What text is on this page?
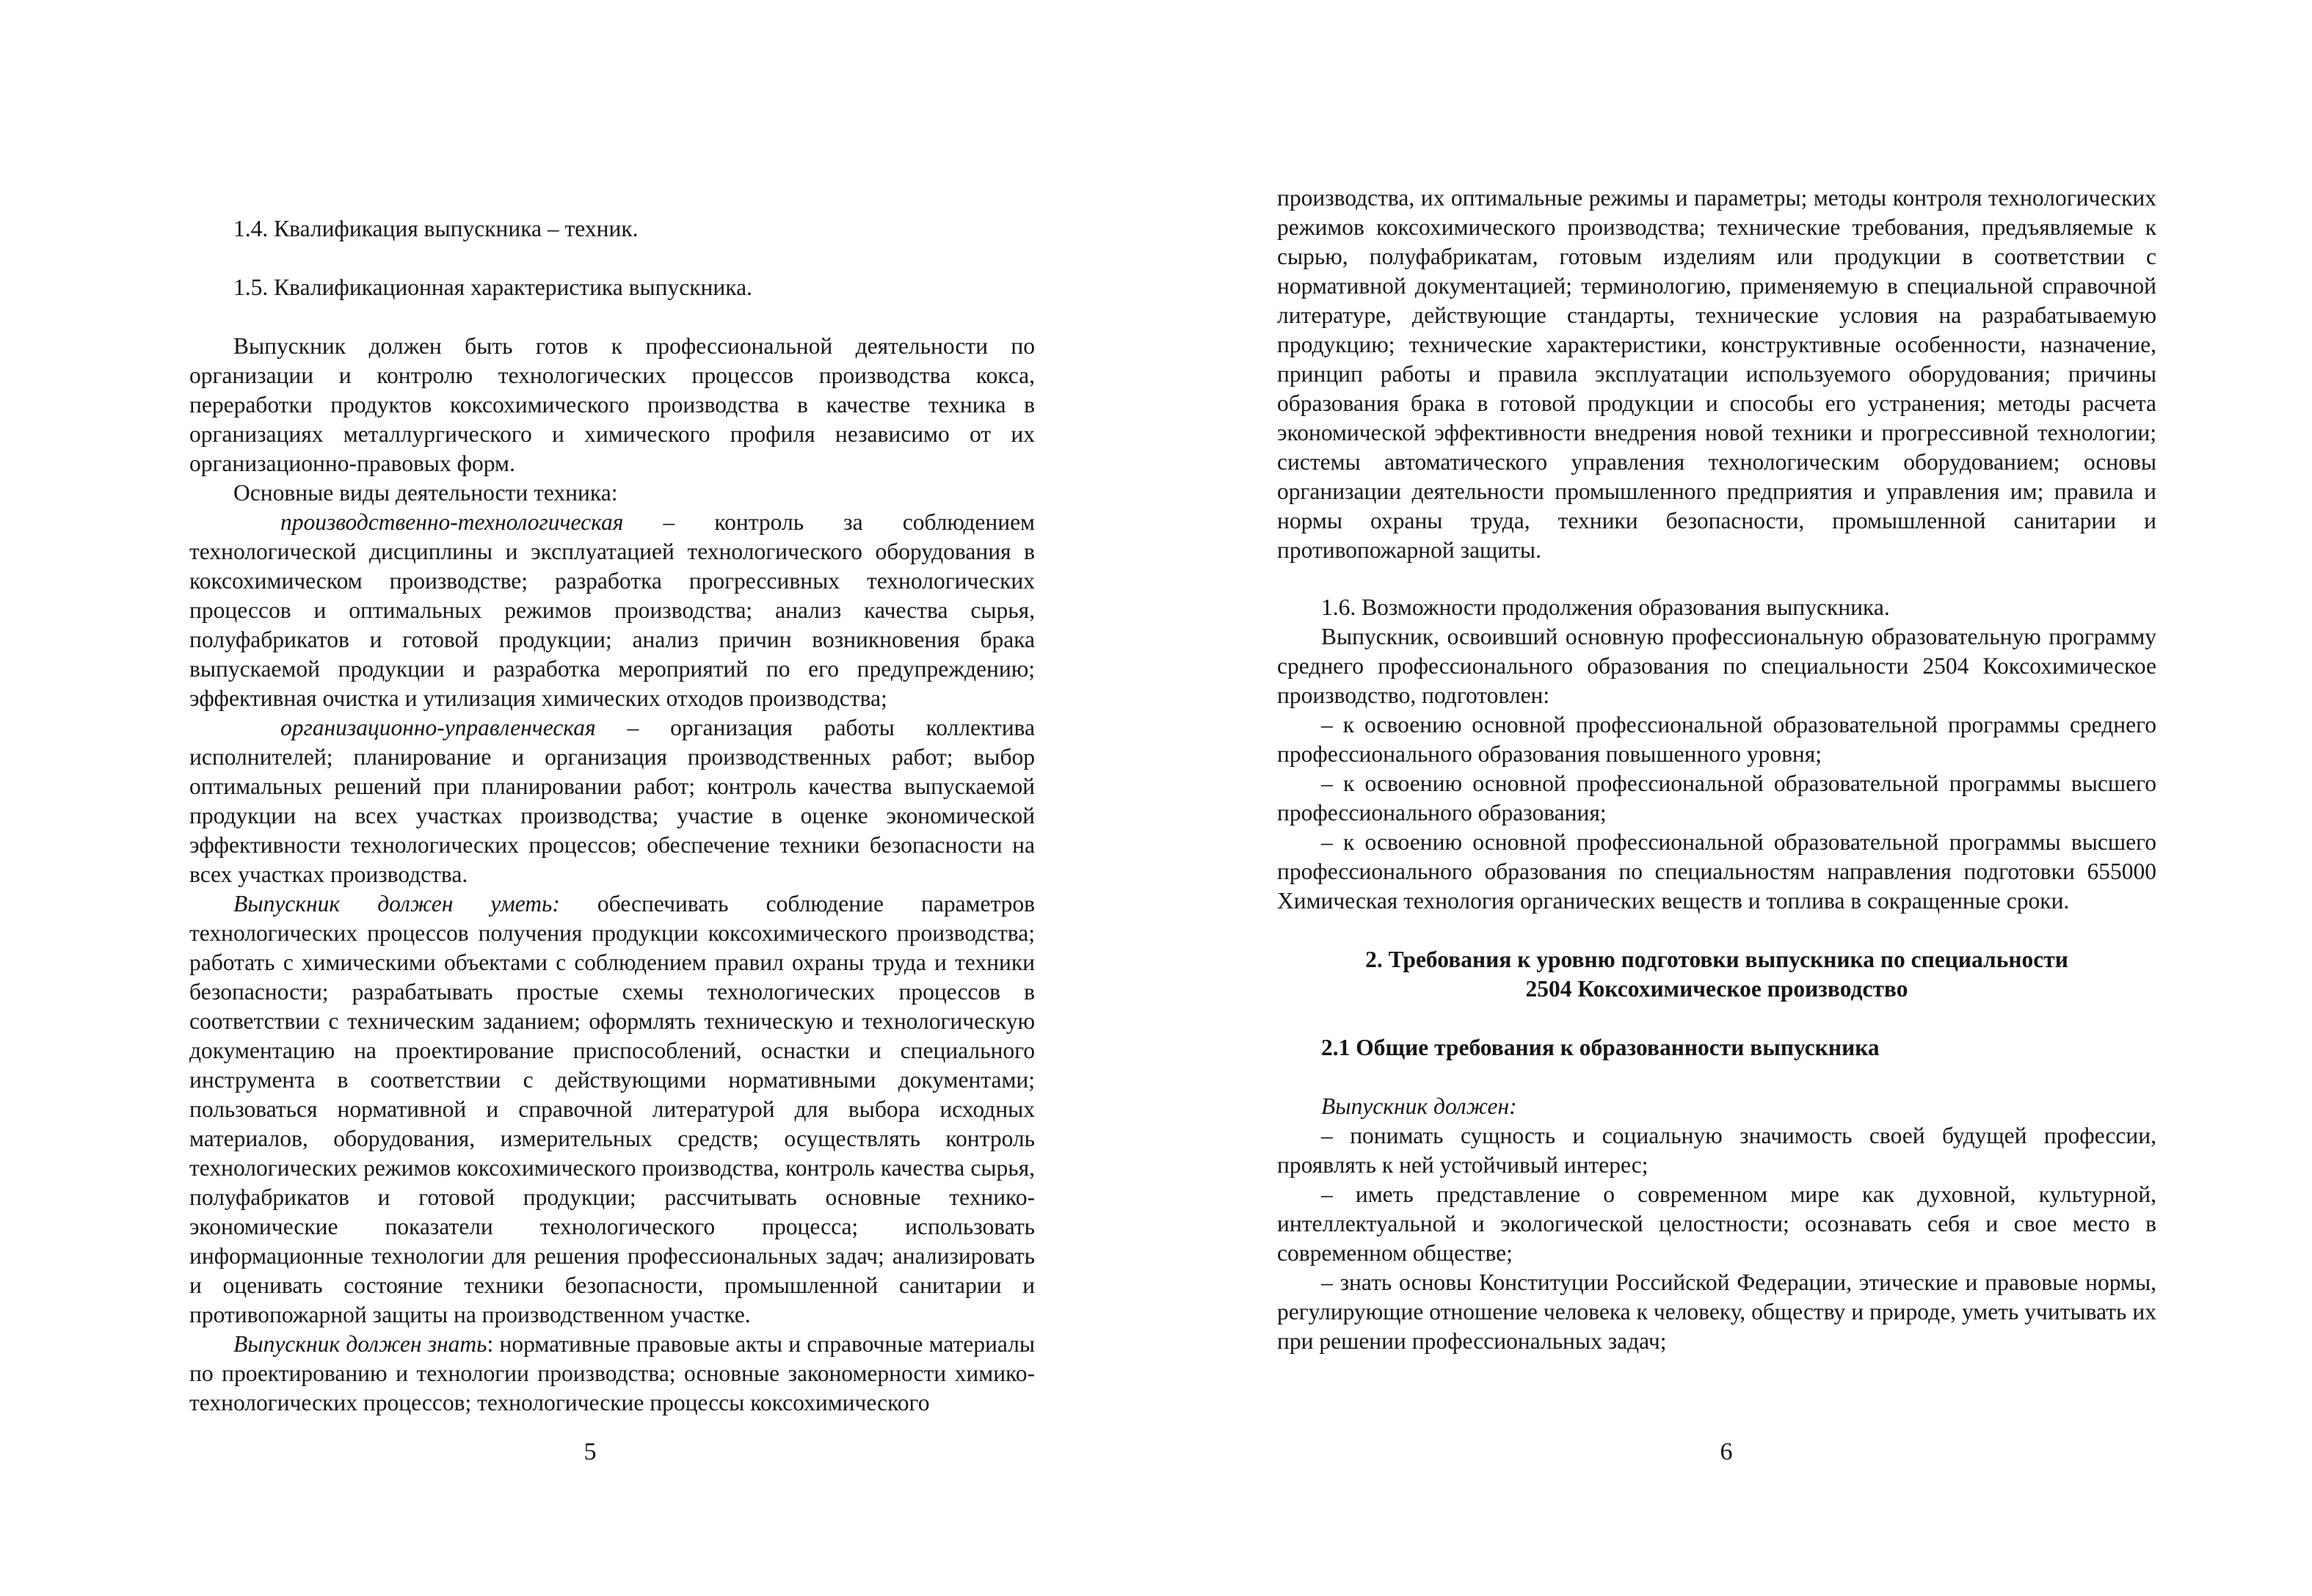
1.4. Квалификация выпускника – техник.

1.5. Квалификационная характеристика выпускника.

Выпускник должен быть готов к профессиональной деятельности по организации и контролю технологических процессов производства кокса, переработки продуктов коксохимического производства в качестве техника в организациях металлургического и химического профиля независимо от их организационно-правовых форм.

Основные виды деятельности техника:

производственно-технологическая – контроль за соблюдением технологической дисциплины и эксплуатацией технологического оборудования в коксохимическом производстве; разработка прогрессивных технологических процессов и оптимальных режимов производства; анализ качества сырья, полуфабрикатов и готовой продукции; анализ причин возникновения брака выпускаемой продукции и разработка мероприятий по его предупреждению; эффективная очистка и утилизация химических отходов производства;

организационно-управленческая – организация работы коллектива исполнителей; планирование и организация производственных работ; выбор оптимальных решений при планировании работ; контроль качества выпускаемой продукции на всех участках производства; участие в оценке экономической эффективности технологических процессов; обеспечение техники безопасности на всех участках производства.

Выпускник должен уметь: обеспечивать соблюдение параметров технологических процессов получения продукции коксохимического производства; работать с химическими объектами с соблюдением правил охраны труда и техники безопасности; разрабатывать простые схемы технологических процессов в соответствии с техническим заданием; оформлять техническую и технологическую документацию на проектирование приспособлений, оснастки и специального инструмента в соответствии с действующими нормативными документами; пользоваться нормативной и справочной литературой для выбора исходных материалов, оборудования, измерительных средств; осуществлять контроль технологических режимов коксохимического производства, контроль качества сырья, полуфабрикатов и готовой продукции; рассчитывать основные технико-экономические показатели технологического процесса; использовать информационные технологии для решения профессиональных задач; анализировать и оценивать состояние техники безопасности, промышленной санитарии и противопожарной защиты на производственном участке.

Выпускник должен знать: нормативные правовые акты и справочные материалы по проектированию и технологии производства; основные закономерности химико-технологических процессов; технологические процессы коксохимического

5

производства, их оптимальные режимы и параметры; методы контроля технологических режимов коксохимического производства; технические требования, предъявляемые к сырью, полуфабрикатам, готовым изделиям или продукции в соответствии с нормативной документацией; терминологию, применяемую в специальной справочной литературе, действующие стандарты, технические условия на разрабатываемую продукцию; технические характеристики, конструктивные особенности, назначение, принцип работы и правила эксплуатации используемого оборудования; причины образования брака в готовой продукции и способы его устранения; методы расчета экономической эффективности внедрения новой техники и прогрессивной технологии; системы автоматического управления технологическим оборудованием; основы организации деятельности промышленного предприятия и управления им; правила и нормы охраны труда, техники безопасности, промышленной санитарии и противопожарной защиты.

1.6. Возможности продолжения образования выпускника.

Выпускник, освоивший основную профессиональную образовательную программу среднего профессионального образования по специальности 2504 Коксохимическое производство, подготовлен:

– к освоению основной профессиональной образовательной программы среднего профессионального образования повышенного уровня;

– к освоению основной профессиональной образовательной программы высшего профессионального образования;

– к освоению основной профессиональной образовательной программы высшего профессионального образования по специальностям направления подготовки 655000 Химическая технология органических веществ и топлива в сокращенные сроки.

2. Требования к уровню подготовки выпускника по специальности

2504 Коксохимическое производство

2.1 Общие требования к образованности выпускника

Выпускник должен:

– понимать сущность и социальную значимость своей будущей профессии, проявлять к ней устойчивый интерес;

– иметь представление о современном мире как духовной, культурной, интеллектуальной и экологической целостности; осознавать себя и свое место в современном обществе;

– знать основы Конституции Российской Федерации, этические и правовые нормы, регулирующие отношение человека к человеку, обществу и природе, уметь учитывать их при решении профессиональных задач;

6
